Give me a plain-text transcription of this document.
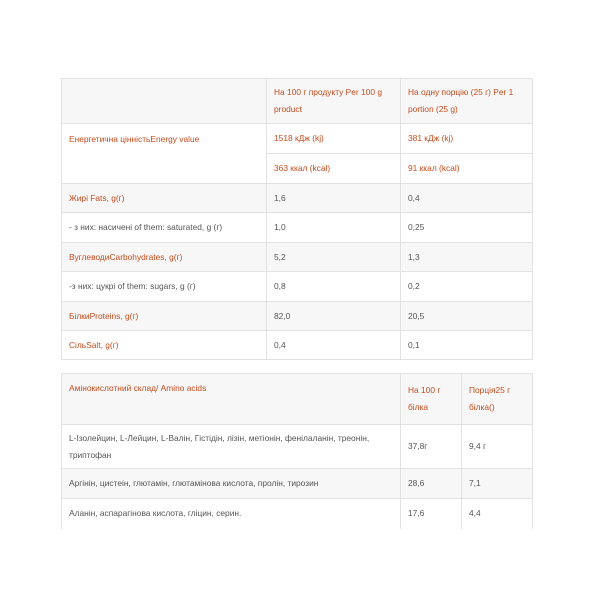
	На 100 г продукту Per 100 g product	На одну порцію (25 г) Per 1 portion (25 g)
Енергетична цінністьEnergy value	1518 кДж (kj)	381 кДж (kj)
	363 ккал (kcal)	91 ккал (kcal)
Жирі Fats, g(г)	1,6	0,4
- з них: насичені of them: saturated, g (г)	1,0	0,25
ВуглеводиCarbohydrates, g(г)	5,2	1,3
-з них: цукрі of them: sugars, g (г)	0,8	0,2
БілкиProteins, g(г)	82,0	20,5
СільSalt, g(г)	0,4	0,1
Амінокислотний склад/ Amino acids	На 100 г білка	Порція25 г білка()
L-Ізолейцин, L-Лейцин, L-Валін, Гістідін, лізін, метіонін, фенілаланін, треонін, триптофан	37,8г	9,4 г
Аргінін, цистеін, глютамін, глютамінова кислота, пролін, тирозин	28,6	7,1
Аланін, аспарагінова кислота, гліцин, серин.	17,6	4,4
